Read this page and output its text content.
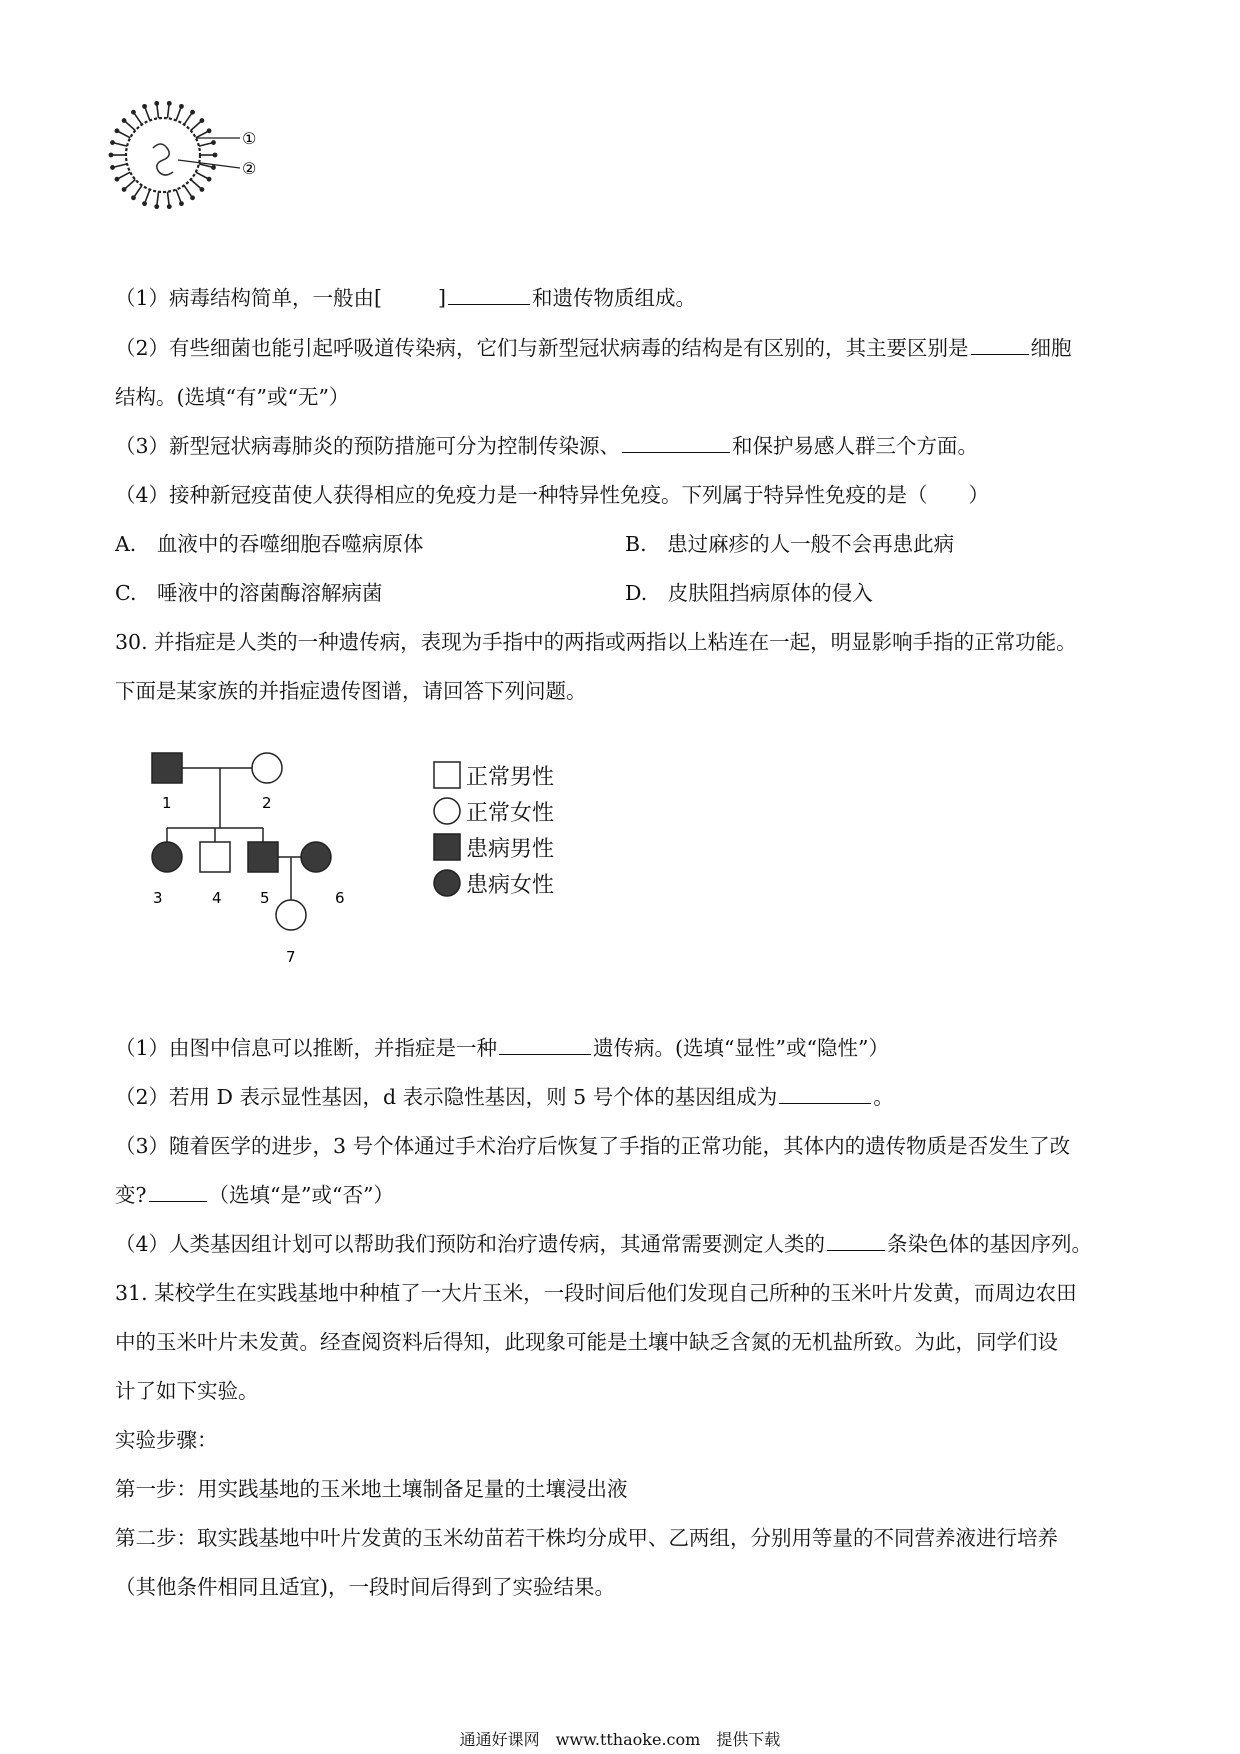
①
②
（1）病毒结构简单，一般由[	]	和遗传物质组成。
（2）有些细菌也能引起呼吸道传染病，它们与新型冠状病毒的结构是有区别的，其主要区别是	细胞
结构。(选填“有”或“无”）
（3）新型冠状病毒肺炎的预防措施可分为控制传染源、	和保护易感人群三个方面。
（4）接种新冠疫苗使人获得相应的免疫力是一种特异性免疫。下列属于特异性免疫的是（　　）
A.　血液中的吞噬细胞吞噬病原体	B.　患过麻疹的人一般不会再患此病
C.　唾液中的溶菌酶溶解病菌	D.　皮肤阻挡病原体的侵入
30. 并指症是人类的一种遗传病，表现为手指中的两指或两指以上粘连在一起，明显影响手指的正常功能。
下面是某家族的并指症遗传图谱，请回答下列问题。
1	2
3	4	5	6
7
正常男性
正常女性
患病男性
患病女性
（1）由图中信息可以推断，并指症是一种	遗传病。(选填“显性”或“隐性”）
（2）若用 D 表示显性基因，d 表示隐性基因，则 5 号个体的基因组成为	。
（3）随着医学的进步，3 号个体通过手术治疗后恢复了手指的正常功能，其体内的遗传物质是否发生了改
变?	（选填“是”或“否”）
（4）人类基因组计划可以帮助我们预防和治疗遗传病，其通常需要测定人类的	条染色体的基因序列。
31. 某校学生在实践基地中种植了一大片玉米，一段时间后他们发现自己所种的玉米叶片发黄，而周边农田
中的玉米叶片未发黄。经查阅资料后得知，此现象可能是土壤中缺乏含氮的无机盐所致。为此，同学们设
计了如下实验。
实验步骤：
第一步：用实践基地的玉米地土壤制备足量的土壤浸出液
第二步：取实践基地中叶片发黄的玉米幼苗若干株均分成甲、乙两组，分别用等量的不同营养液进行培养
（其他条件相同且适宜)，一段时间后得到了实验结果。
通通好课网　www.tthaoke.com　提供下载
